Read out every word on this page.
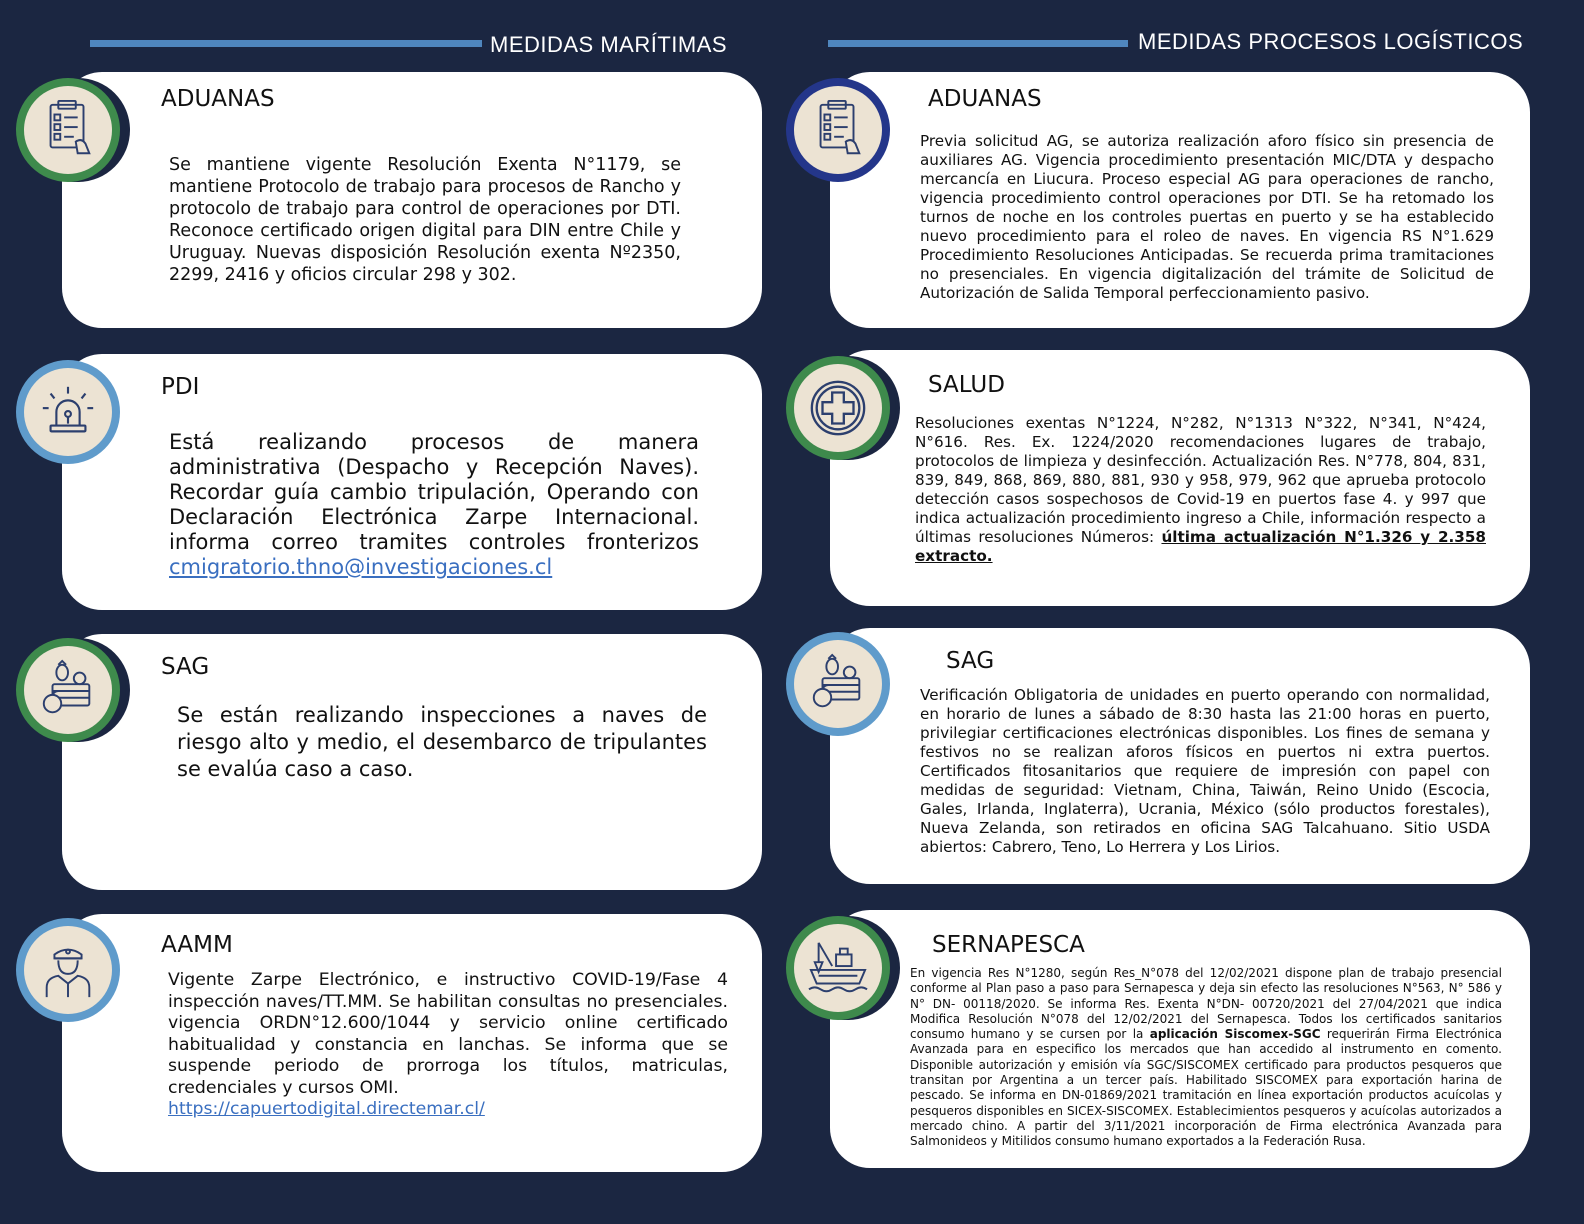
MEDIDAS MARÍTIMAS	MEDIDAS PROCESOS LOGÍSTICOS
ADUANAS
Se mantiene vigente Resolución Exenta N°1179, se mantiene Protocolo de trabajo para procesos de Rancho y protocolo de trabajo para control de operaciones por DTI. Reconoce certificado origen digital para DIN entre Chile y Uruguay. Nuevas disposición Resolución exenta Nº2350, 2299, 2416 y oficios circular 298 y 302.
PDI
Está realizando procesos de manera administrativa (Despacho y Recepción Naves). Recordar guía cambio tripulación, Operando con Declaración Electrónica Zarpe Internacional. informa correo tramites controles fronterizos cmigratorio.thno@investigaciones.cl
SAG
Se están realizando inspecciones a naves de riesgo alto y medio, el desembarco de tripulantes se evalúa caso a caso.
AAMM
Vigente Zarpe Electrónico, e instructivo COVID-19/Fase 4 inspección naves/TT.MM. Se habilitan consultas no presenciales. vigencia ORDN°12.600/1044 y servicio online certificado habitualidad y constancia en lanchas. Se informa que se suspende periodo de prorroga los títulos, matriculas, credenciales y cursos OMI.
https://capuertodigital.directemar.cl/
ADUANAS
Previa solicitud AG, se autoriza realización aforo físico sin presencia de auxiliares AG. Vigencia procedimiento presentación MIC/DTA y despacho mercancía en Liucura. Proceso especial AG para operaciones de rancho, vigencia procedimiento control operaciones por DTI. Se ha retomado los turnos de noche en los controles puertas en puerto y se ha establecido nuevo procedimiento para el roleo de naves. En vigencia RS N°1.629 Procedimiento Resoluciones Anticipadas. Se recuerda prima tramitaciones no presenciales. En vigencia digitalización del trámite de Solicitud de Autorización de Salida Temporal perfeccionamiento pasivo.
SALUD
Resoluciones exentas N°1224, N°282, N°1313 N°322, N°341, N°424, N°616. Res. Ex. 1224/2020 recomendaciones lugares de trabajo, protocolos de limpieza y desinfección. Actualización Res. N°778, 804, 831, 839, 849, 868, 869, 880, 881, 930 y 958, 979, 962 que aprueba protocolo detección casos sospechosos de Covid-19 en puertos fase 4. y 997 que indica actualización procedimiento ingreso a Chile, información respecto a últimas resoluciones Números: última actualización N°1.326 y 2.358 extracto.
SAG
Verificación Obligatoria de unidades en puerto operando con normalidad, en horario de lunes a sábado de 8:30 hasta las 21:00 horas en puerto, privilegiar certificaciones electrónicas disponibles. Los fines de semana y festivos no se realizan aforos físicos en puertos ni extra puertos. Certificados fitosanitarios que requiere de impresión con papel con medidas de seguridad: Vietnam, China, Taiwán, Reino Unido (Escocia, Gales, Irlanda, Inglaterra), Ucrania, México (sólo productos forestales), Nueva Zelanda, son retirados en oficina SAG Talcahuano. Sitio USDA abiertos: Cabrero, Teno, Lo Herrera y Los Lirios.
SERNAPESCA
En vigencia Res N°1280, según Res_N°078 del 12/02/2021 dispone plan de trabajo presencial conforme al Plan paso a paso para Sernapesca y deja sin efecto las resoluciones N°563, N° 586 y N° DN- 00118/2020. Se informa Res. Exenta N°DN- 00720/2021 del 27/04/2021 que indica Modifica Resolución N°078 del 12/02/2021 del Sernapesca. Todos los certificados sanitarios consumo humano y se cursen por la aplicación Siscomex-SGC requerirán Firma Electrónica Avanzada para en especifico los mercados que han accedido al instrumento en comento. Disponible autorización y emisión vía SGC/SISCOMEX certificado para productos pesqueros que transitan por Argentina a un tercer país. Habilitado SISCOMEX para exportación harina de pescado. Se informa en DN-01869/2021 tramitación en línea exportación productos acuícolas y pesqueros disponibles en SICEX-SISCOMEX. Establecimientos pesqueros y acuícolas autorizados a mercado chino. A partir del 3/11/2021 incorporación de Firma electrónica Avanzada para Salmonideos y Mitilidos consumo humano exportados a la Federación Rusa.
